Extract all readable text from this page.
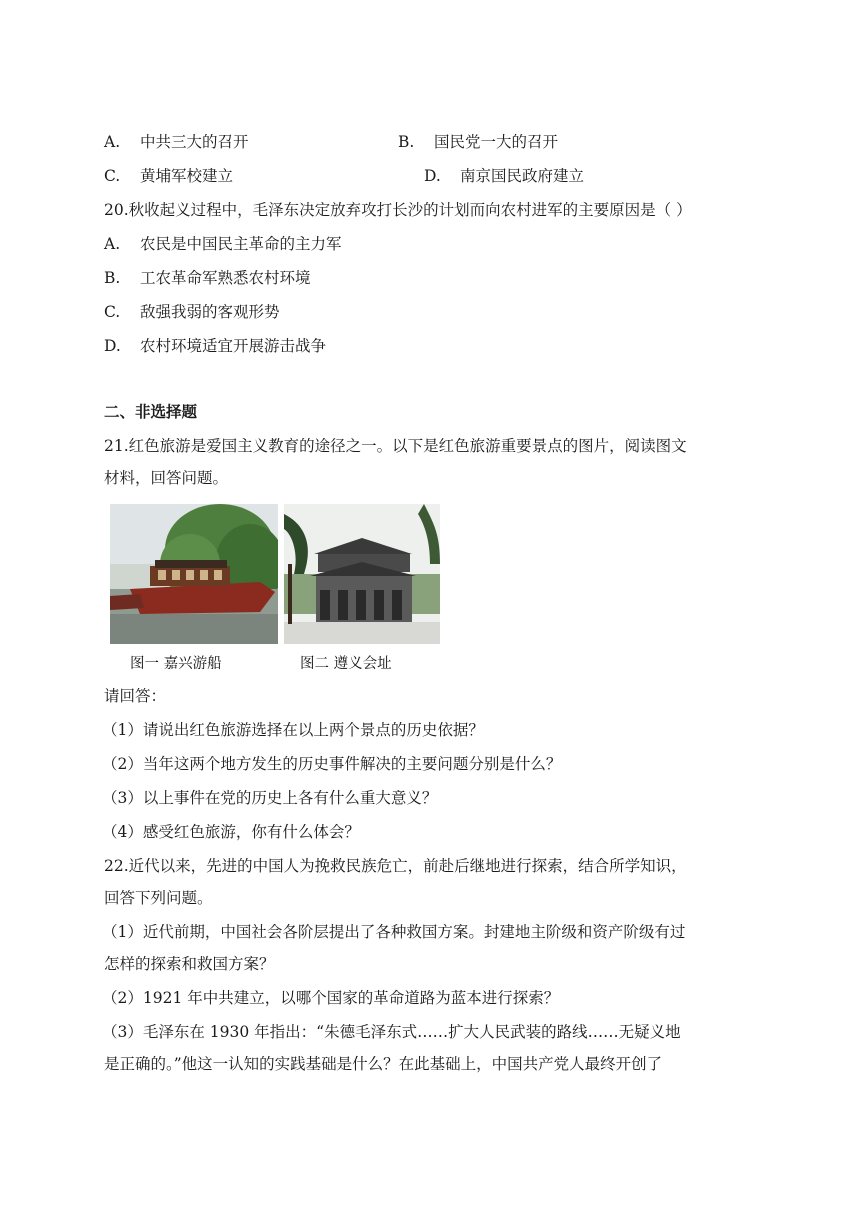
A. 中共三大的召开	B. 国民党一大的召开
C. 黄埔军校建立	D. 南京国民政府建立
20.秋收起义过程中，毛泽东决定放弃攻打长沙的计划而向农村进军的主要原因是（ ）
A. 农民是中国民主革命的主力军
B. 工农革命军熟悉农村环境
C. 敌强我弱的客观形势
D. 农村环境适宜开展游击战争
二、非选择题
21.红色旅游是爱国主义教育的途径之一。以下是红色旅游重要景点的图片，阅读图文
材料，回答问题。
图一 嘉兴游船	图二 遵义会址
请回答：
（1）请说出红色旅游选择在以上两个景点的历史依据？
（2）当年这两个地方发生的历史事件解决的主要问题分别是什么？
（3）以上事件在党的历史上各有什么重大意义？
（4）感受红色旅游，你有什么体会？
22.近代以来，先进的中国人为挽救民族危亡，前赴后继地进行探索，结合所学知识，
回答下列问题。
（1）近代前期，中国社会各阶层提出了各种救国方案。封建地主阶级和资产阶级有过
怎样的探索和救国方案？
（2）1921 年中共建立，以哪个国家的革命道路为蓝本进行探索？
（3）毛泽东在 1930 年指出：“朱德毛泽东式……扩大人民武装的路线……无疑义地
是正确的。”他这一认知的实践基础是什么？在此基础上，中国共产党人最终开创了
